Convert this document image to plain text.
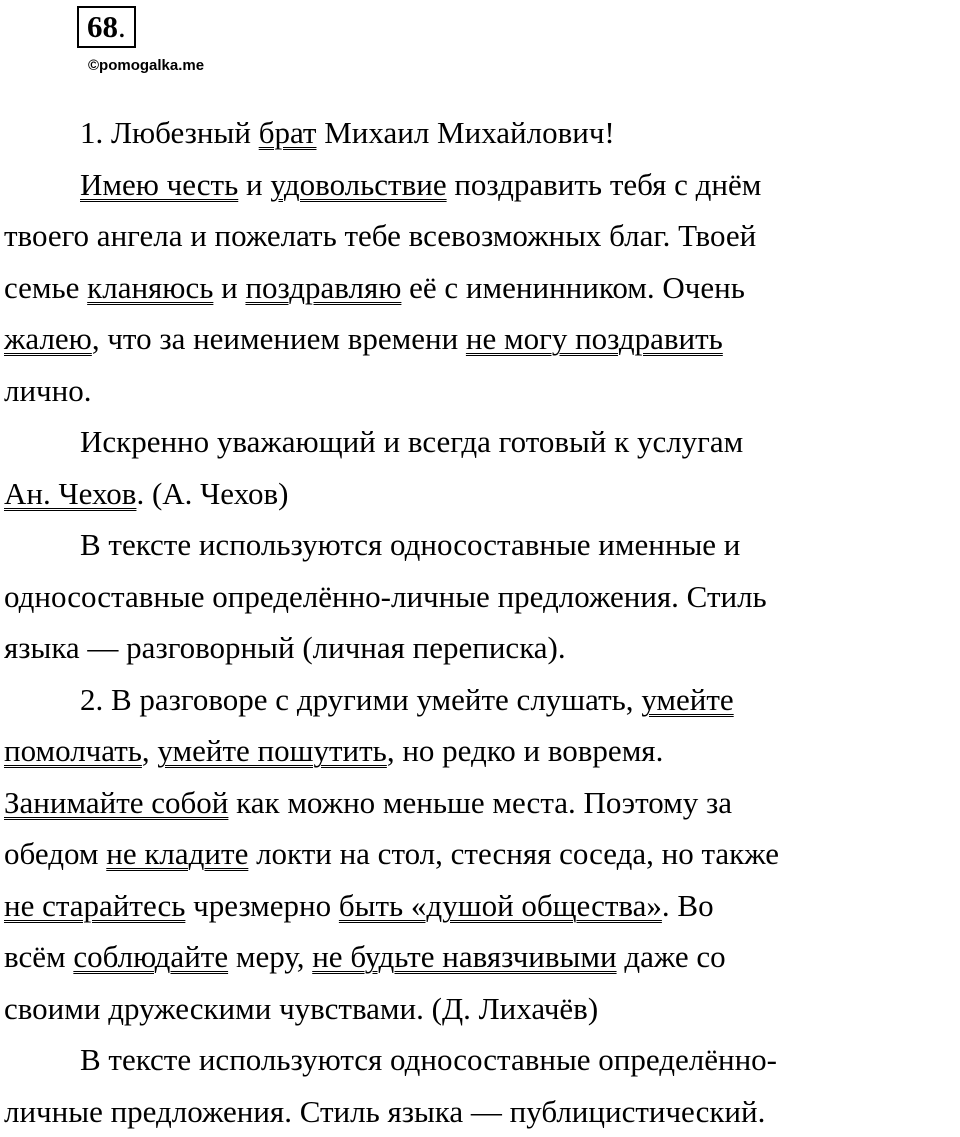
68.
©pomogalka.me
1. Любезный брат Михаил Михайлович!
Имею честь и удовольствие поздравить тебя с днём
твоего ангела и пожелать тебе всевозможных благ. Твоей
семье кланяюсь и поздравляю её с именинником. Очень
жалею, что за неимением времени не могу поздравить
лично.
Искренно уважающий и всегда готовый к услугам
Ан. Чехов. (А. Чехов)
В тексте используются односоставные именные и
односоставные определённо-личные предложения. Стиль
языка — разговорный (личная переписка).
2. В разговоре с другими умейте слушать, умейте
помолчать, умейте пошутить, но редко и вовремя.
Занимайте собой как можно меньше места. Поэтому за
обедом не кладите локти на стол, стесняя соседа, но также
не старайтесь чрезмерно быть «душой общества». Во
всём соблюдайте меру, не будьте навязчивыми даже со
своими дружескими чувствами. (Д. Лихачёв)
В тексте используются односоставные определённо-
личные предложения. Стиль языка — публицистический.
